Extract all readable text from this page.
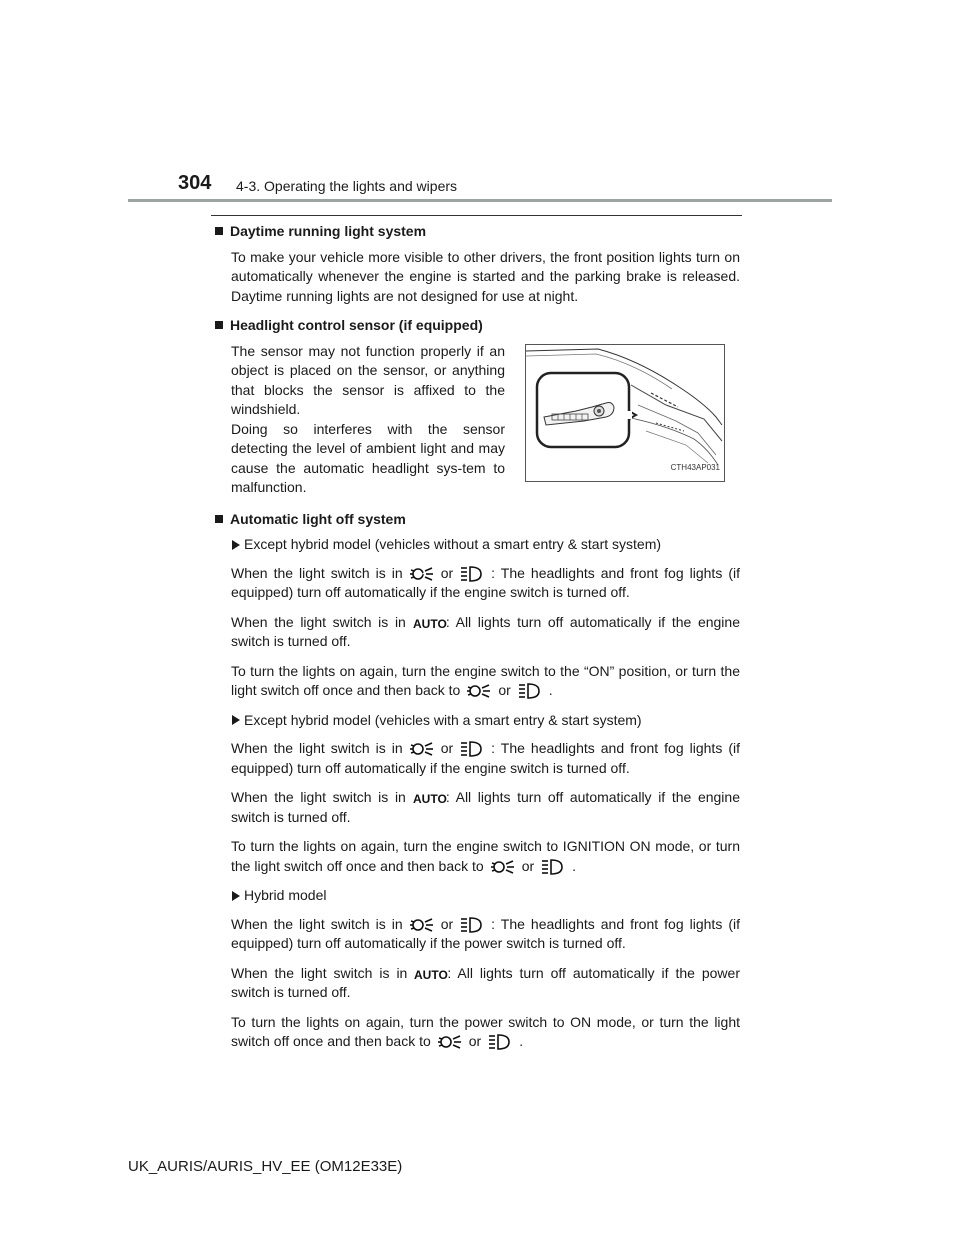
304 4-3. Operating the lights and wipers
Daytime running light system

To make your vehicle more visible to other drivers, the front position lights turn on automatically whenever the engine is started and the parking brake is released. Daytime running lights are not designed for use at night.

Headlight control sensor (if equipped)
The sensor may not function properly if an object is placed on the sensor, or anything that blocks the sensor is affixed to the windshield.
Doing so interferes with the sensor detecting the level of ambient light and may cause the automatic headlight sys-tem to malfunction.
CTH43AP031
Automatic light off system
Except hybrid model (vehicles without a smart entry & start system)

When the light switch is in	or	: The headlights and front fog lights (if equipped) turn off automatically if the engine switch is turned off.

When the light switch is in AUTO : All lights turn off automatically if the engine switch is turned off.

To turn the lights on again, turn the engine switch to the “ON” position, or turn the light switch off once and then back to	or	.

Except hybrid model (vehicles with a smart entry & start system)

When the light switch is in	or	: The headlights and front fog lights (if equipped) turn off automatically if the engine switch is turned off.

When the light switch is in AUTO : All lights turn off automatically if the engine switch is turned off.

To turn the lights on again, turn the engine switch to IGNITION ON mode, or turn the light switch off once and then back to	or	.

Hybrid model

When the light switch is in	or	: The headlights and front fog lights (if equipped) turn off automatically if the power switch is turned off.

When the light switch is in AUTO : All lights turn off automatically if the power switch is turned off.

To turn the lights on again, turn the power switch to ON mode, or turn the light switch off once and then back to	or	.

UK_AURIS/AURIS_HV_EE (OM12E33E)
